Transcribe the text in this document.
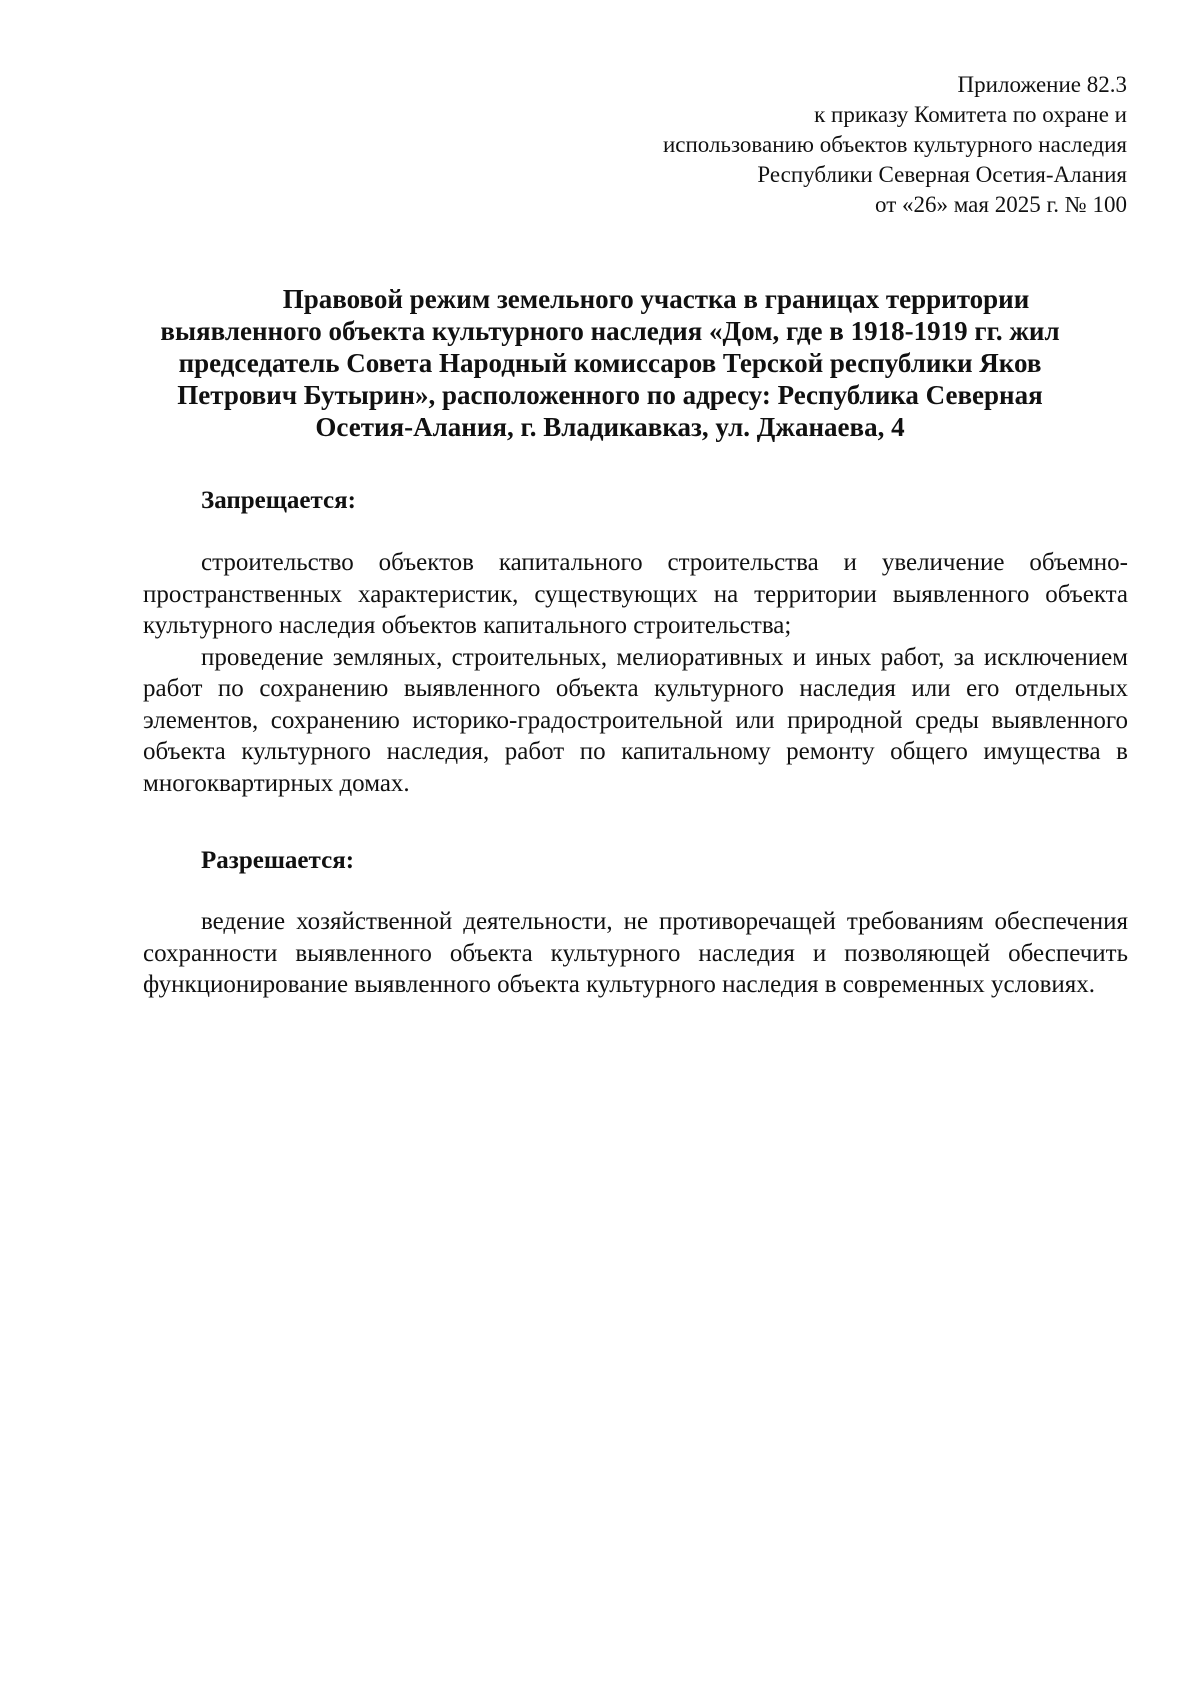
Приложение 82.3
к приказу Комитета по охране и
использованию объектов культурного наследия
Республики Северная Осетия-Алания
от «26» мая 2025 г. № 100
Правовой режим земельного участка в границах территории
выявленного объекта культурного наследия «Дом, где в 1918-1919 гг. жил
председатель Совета Народный комиссаров Терской республики Яков
Петрович Бутырин», расположенного по адресу: Республика Северная
Осетия-Алания, г. Владикавказ, ул. Джанаева, 4
Запрещается:

строительство объектов капитального строительства и увеличение объемно-пространственных характеристик, существующих на территории выявленного объекта культурного наследия объектов капитального строительства;

проведение земляных, строительных, мелиоративных и иных работ, за исключением работ по сохранению выявленного объекта культурного наследия или его отдельных элементов, сохранению историко-градостроительной или природной среды выявленного объекта культурного наследия, работ по капитальному ремонту общего имущества в многоквартирных домах.

Разрешается:

ведение хозяйственной деятельности, не противоречащей требованиям обеспечения сохранности выявленного объекта культурного наследия и позволяющей обеспечить функционирование выявленного объекта культурного наследия в современных условиях.
